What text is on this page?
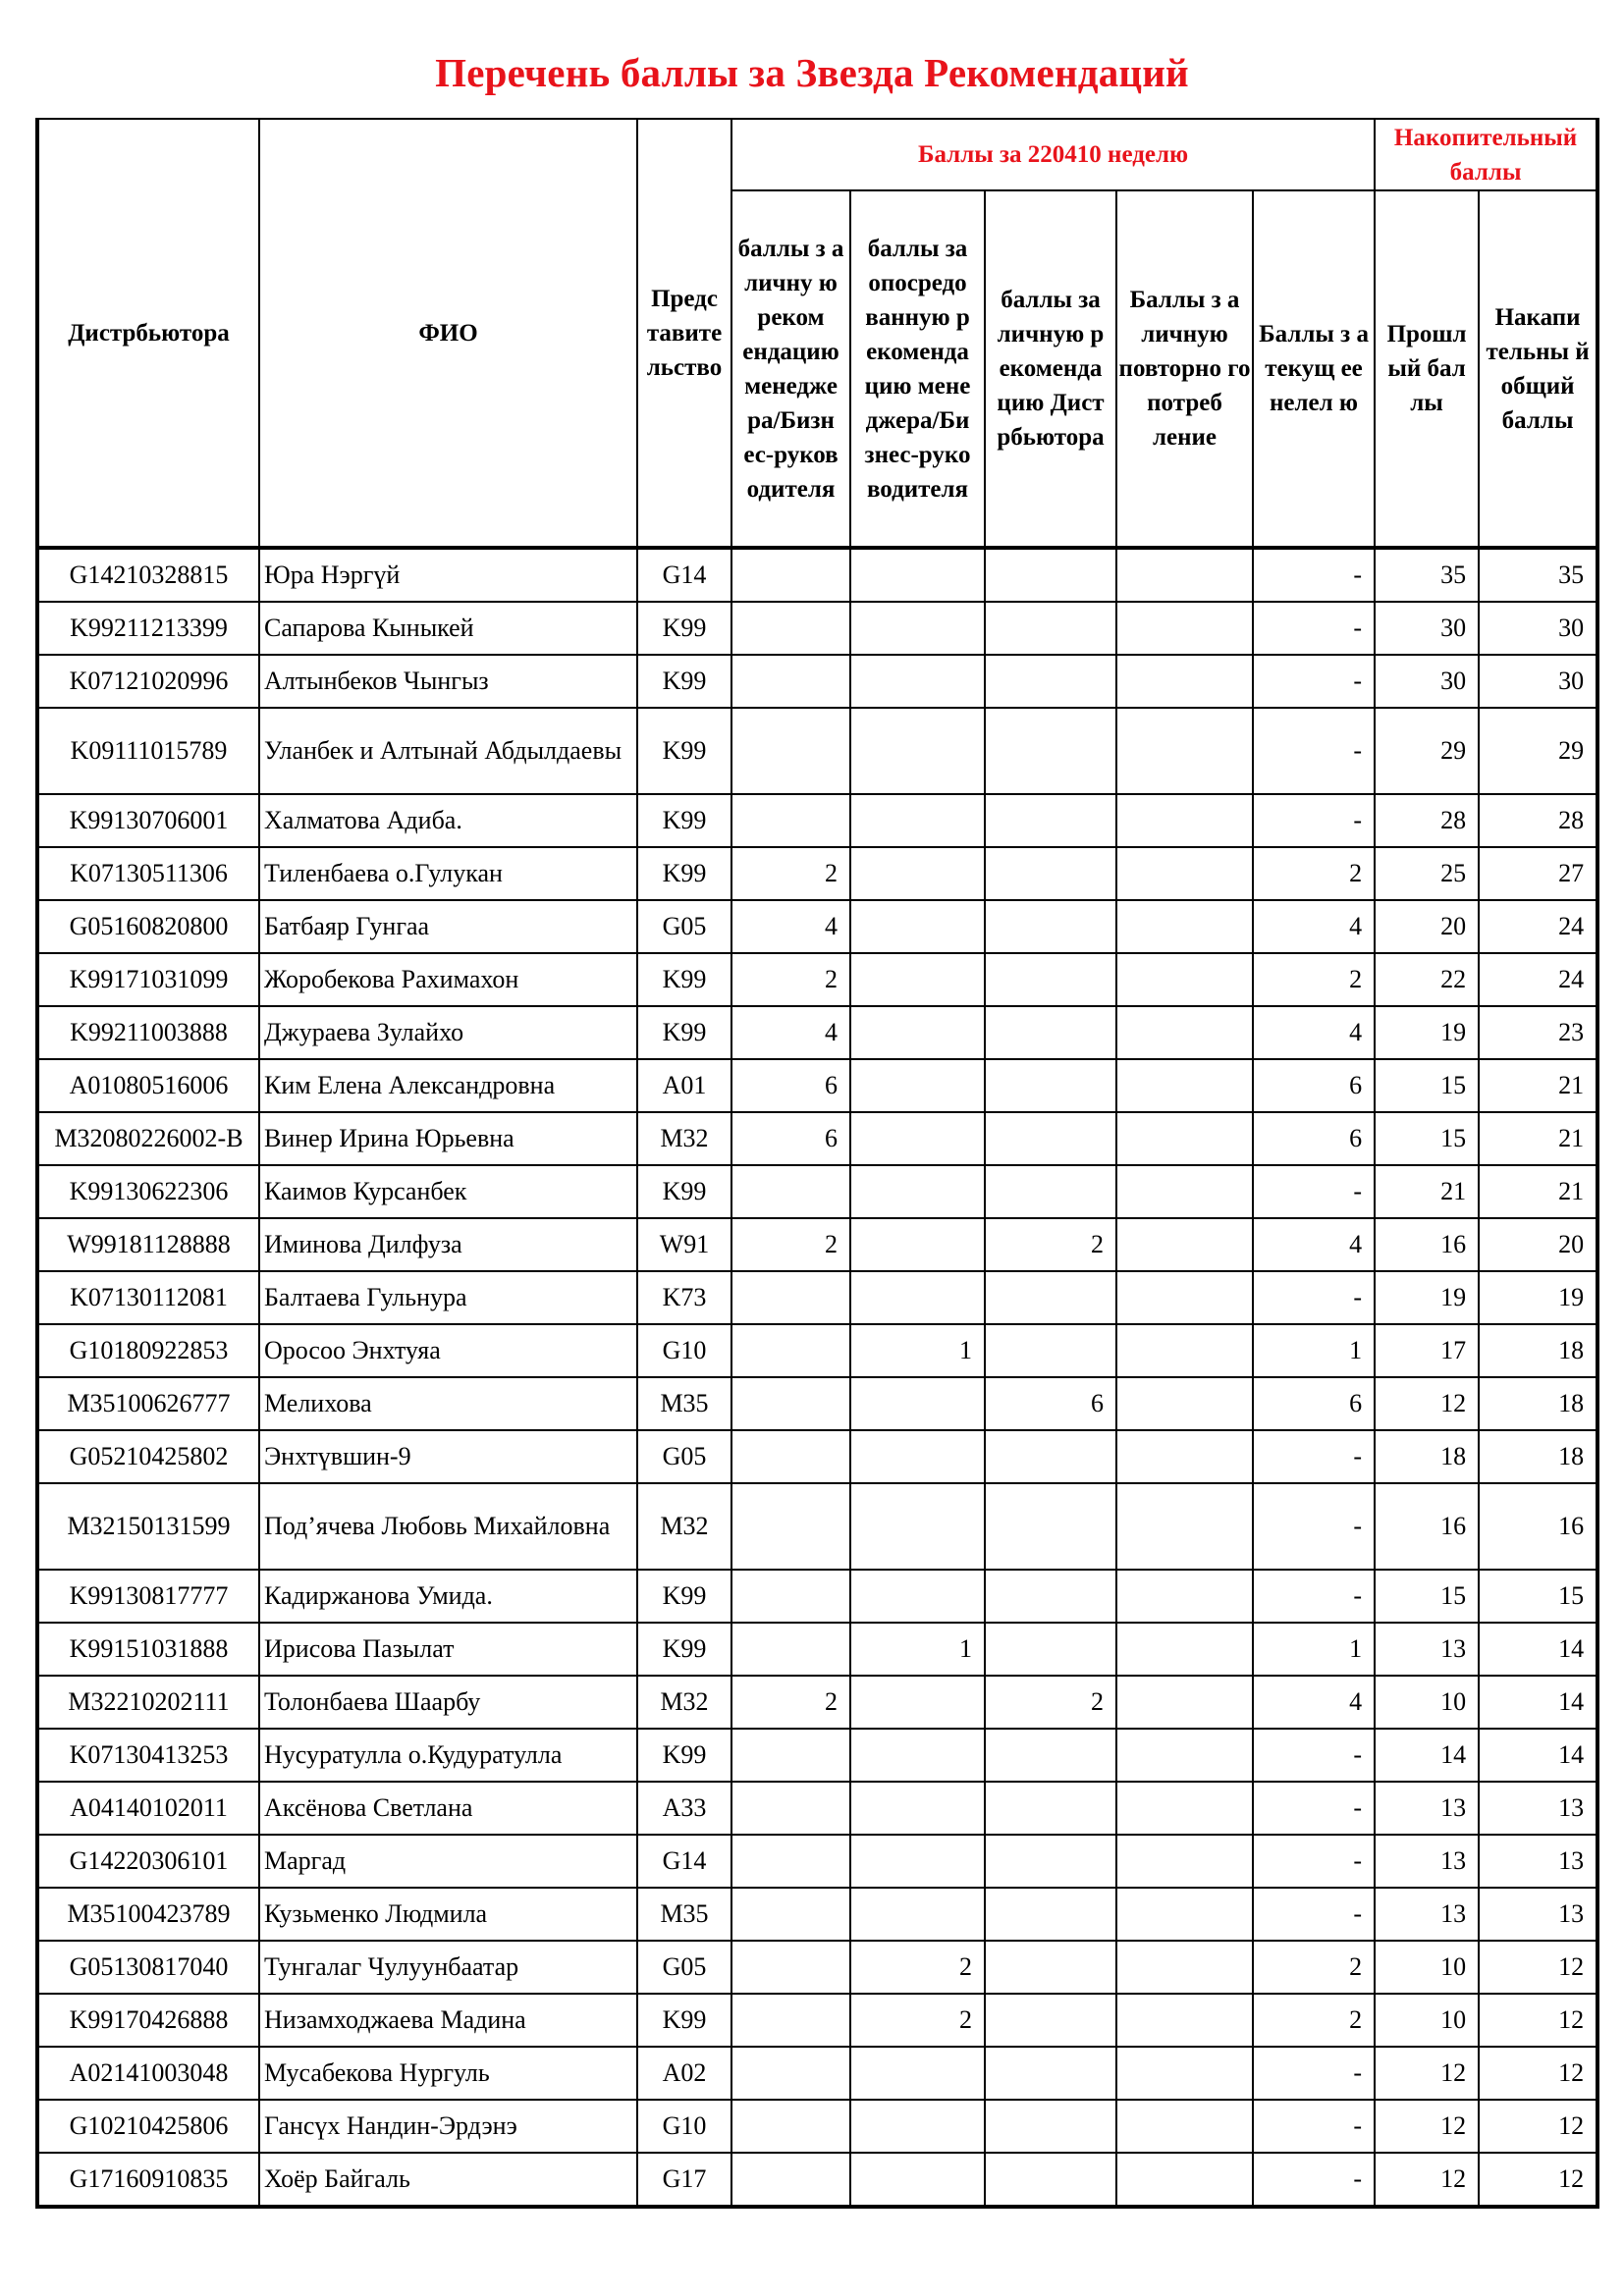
Перечень баллы за Звезда Рекомендаций
Дистрбьютора	ФИО	Предс тавите льство	Баллы за 220410 неделю					Накопительный баллы	
			баллы з а личну ю реком ендацию менедже ра/Бизн ес-руков одителя	баллы за опосредо ванную р екоменда цию мене джера/Би знес-руко водителя	баллы за личную р екоменда цию Дист рбьютора	Баллы з а личную повторно го потреб ление	Баллы з а текущ ее нелел ю	Прошл ый бал лы	Накапи тельны й общий баллы
G14210328815	Юра Нэргүй	G14					-	35	35
K99211213399	Сапарова Кыныкей	K99					-	30	30
K07121020996	Алтынбеков Чынгыз	K99					-	30	30
K09111015789	Уланбек и Алтынай Абдылдаевы	K99					-	29	29
K99130706001	Халматова Адиба.	K99					-	28	28
K07130511306	Тиленбаева о.Гулукан	K99	2				2	25	27
G05160820800	Батбаяр Гунгаа	G05	4				4	20	24
K99171031099	Жоробекова Рахимахон	K99	2				2	22	24
K99211003888	Джураева Зулайхо	K99	4				4	19	23
A01080516006	Ким Елена Александровна	A01	6				6	15	21
M32080226002-B	Винер Ирина Юрьевна	M32	6				6	15	21
K99130622306	Каимов Курсанбек	K99					-	21	21
W99181128888	Иминова Дилфуза	W91	2		2		4	16	20
K07130112081	Балтаева Гульнура	K73					-	19	19
G10180922853	Оросоо Энхтуяа	G10		1			1	17	18
M35100626777	Мелихова	M35			6		6	12	18
G05210425802	Энхтүвшин-9	G05					-	18	18
M32150131599	Под’ячева Любовь Михайловна	M32					-	16	16
K99130817777	Кадиржанова Умида.	K99					-	15	15
K99151031888	Ирисова Пазылат	K99		1			1	13	14
M32210202111	Толонбаева Шаарбу	M32	2		2		4	10	14
K07130413253	Нусуратулла о.Кудуратулла	K99					-	14	14
A04140102011	Аксёнова Светлана	A33					-	13	13
G14220306101	Маргад	G14					-	13	13
M35100423789	Кузьменко Людмила	M35					-	13	13
G05130817040	Тунгалаг Чулуунбаатар	G05		2			2	10	12
K99170426888	Низамходжаева Мадина	K99		2			2	10	12
A02141003048	Мусабекова Нургуль	A02					-	12	12
G10210425806	Гансүх Нандин-Эрдэнэ	G10					-	12	12
G17160910835	Хоёр Байгаль	G17					-	12	12
